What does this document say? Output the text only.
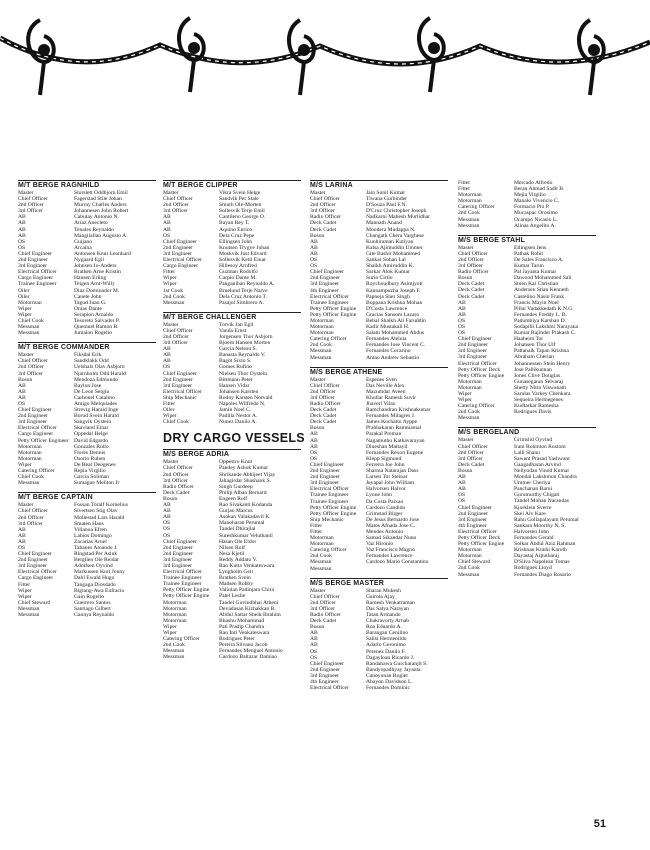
M/T BERGE RAGNHILD
Master	Storslett Oddbjorn Emil
Chief Officer	Fagerstad Stile Johan
2nd Officer	Murray Charles Anders
3rd Officer	Johannesen John Robert
AB	Cabulay Antonio N.
AB	Ariaz Anecleto
AB	Tenales Reynaldo
AB	Mangilallan Augusto A.
OS	Guijano
OS	Arcaina
Chief Engineer	Antonsen Knut Leonhard
2nd Engineer	Nygaard Egil
3rd Engineer	Johnsen Jo-Anders
Electrical Officer	Brathen Arne Kristin
Cargo Engineer	Hansen Erling
Trainee Engineer	Teigen Arnt-Willy
Oiler	Diaz Dominador M.
Oiler	Canete John
Motorman	Tagud Juan G.
Wiper	Onias Dante
Wiper	Serapion Arnaldo
Chief Cook	Tesoreto Salvador P.
Messman	Quemuel Ramon B.
Messman	Jumalon Rogelio
M/T BERGE COMMANDER
Master	Fiksdal Erik
Chief Officer	Sandklakk Odd
2nd Officer	Uelshals Olav Asbjorn
3rd Officer	Njarnholm Odd Harald
Bosun	Mendoza Edmundo
AB	Baylon Jose
AB	De Leon Sergio
AB	Carbonel Catalino
OS	Amigo Melquiades
Chief Engineer	Strevig Harald Inge
2nd Engineer	Borud Svein Harald
3rd Engineer	Sangvik Oystein
Electrical Officer	Skavland Einar
Cargo Engineer	Oppedal Helge
Petty Officer Engineer David Edgardo
Motorman	Gonzales Rollo
Motorman	Flores Dennis
Motorman	Osorio Ruben
Wiper	De Real Deogenes
Catering Officer	Repia Virgilio
Chief Cook	Garcia Soliman
Messman	Sumague Meliton Jr
M/T BERGE CAPTAIN
Master	Fossan Toralf Kornelius
Chief Officer	Sivertsen Stig Olav
2nd Officer	Mollestad Lars Harald
3rd Officer	Smaten Hans
AB	Villanoa Efren
AB	Labios Domingo
AB	Zacarias Arnel
OS	Tabanes Amando J.
Chief Engineer	Ringstad Per Asluk
2nd Engineer	Berglien Ole Reidar
3rd Engineer	Adolfsen Oyvind
Electrical Officer	Markussen Kurt Jonny
Cargo Engineer	Dahl Ewald Hugo
Fitter	Tangaga Diosdado
Wiper	Biglang-Awa Eufracio
Wiper	Gain Rogelio
Chief Steward	Guerrero Santos
Messman	Santiago Gilbert
Messman	Gaonya Reynaldo
M/T BERGE CLIPPER
Master	Vikra Svein Helge
Chief Officer	Sandvik Per Stale
2nd Officer	Smuth Ole-Morten
3rd Officer	Sollesvik Terje Emil
AB	Cantileno George O.
AB	Bayan Rey T.
AB	Aquino Enrico
OS	Dela Cruz Pepe
Chief Engineer	Ellingsen John
2nd Engineer	Knutsen Trygve Johan
3rd Engineer	Moskvik Just Edvard
Electrical Officer	Sollesvik Ketil Einar
Cargo Engineer	Hillesoy Arnfred
Fitter	Guzman Rodolfo
Wiper	Carpio Dante M.
Wiper	Panganiban Reynaldo A.
1st Cook	Bruelund Terje Narve
2nd Cook	Dela Cruz Antonio T.
Messman	Pasajol Simbrero A.
M/T BERGE CHALLENGER
Master	Torvik Jan Egil
Chief Officer	Vanda Ernst
2nd Officer	Jorgensen Thor Asbjorn
3rd Officer	Bjoern Hansen Morten
AB	Garcia Nelson S.
AB	Banasta Reynaldo V.
AB	Bagot Sixto S.
OS	Gomes Rufino
Chief Engineer	Nielsen Thor Oystein
2nd Engineer	Bittmann Peter
3rd Engineer	Hansen Vidar
Electrical Officer	Johansen Karsten
Ship Mechanic	Rodny Karsten Norvald
Fitter	Napoles Wilfredo N.
Oiler	Jamin Noel C.
Wiper	Padilla Nestor A.
Chief Cook	Nunez Danilo A.
DRY CARGO VESSELS
M/S BERGE ADRIA
Master	Oppestro Knut
Chief Officer	Pandey Ashok Kumar
2nd Officer	Shrikande Abhijeet Vijay
3rd Officer	Jahagirdar Shashank S.
Radio Officer	Singh Gurdeep
Deck Cadet	Philip Alban Bernard
Bosun	Engeen Rolf
AB	Rao Sivakanti Kodanda
AB	Gurjao Marcus
AB	Asokan Valakadavil K.
OS	Manoharan Perumal
OS	Tandel Dhirajlal
OS	Sureshkumar Veluthanil
Chief Engineer	Hasan Ole Eldor
2nd Engineer	Nilsen Rolf
2nd Engineer	Nesa Kjetil
3rd Engineer	Reddy Addatu V.
3rd Engineer	Rao Kutta Venkateswara
Electrical Officer	Lyngholm Geir
Trainee Engineer	Brathen Svein
Trainee Engineer	Madsen Robby
Petty Officer Engine	Valiulan Padinjara Chira
Petty Officer Engine	Patel Leslie
Motorman	Tandel Govindbhai Atheni
Motorman	Devadasan Kizhakkan B.
Motorman	Abdul Sattar Sheik Ibrahim
Motorman	Bhashu Mohammad
Wiper	Pati Pradip Chandra
Wiper	Rao Inti Venkateswara
Catering Officer	Rodrigues Peter
2nd Cook	Pereira Silvano Jacob
Messman	Fernandes Menguel Antonio
Messman	Cardozo Baltazar Damiao
M/S LARINA
Master	Jain Sunil Kumar
Chief Officer	Tiwana Gurbinder
2nd Officer	D'Souza Paul F.N.
3rd Officer	D'Cruz Christopher Joseph
Radio Officer	Nadkarni Mahesh Murlidhar
Deck Cadet	Mannath Anand
Deck Cadet	Moodera Mudappa N.
Bosun	Changath Chera Varghese
AB	Kunhiraman Kutiyan
AB	Kalsa Ajimuddin Ummer
AB	Gite Bashir Mohammed
OS	Sankar Sohan Lal
OS	Shaikh Amiruddin K.
Chief Engineer	Sarkar Alok Kumar
2nd Engineer	Surin Cirilo
3rd Engineer	Roychoudhury Asimjyoti
4th Engineer	Kannampuzha Joseph F.
Electrical Officer	Papneja Sher Singh
Trainee Engineer	Boppana Krishna Mohan
Petty Officer Engine	D'Costa Lawrence
Petty Officer Engine	Gracias Sansom Lazaro
Motorman	Bebal Shaikh Ali Faruddin
Motorman	Kadir Mustakali H.
Motorman	Salam Mohammed Abdus
Catering Officer	Fernandes Aleluia
2nd Cook	Fernandes Jose Vincent C.
Messman	Fernandes Cecarino
Messman	Antao Andrew Sebastio
M/S BERGE ATHENE
Master	Espenes Sven
Chief Officer	Das Neville Alex
2nd Officer	Mazumdar Aveen
3rd Officer	Khullar Ramesh Suvir
Radio Officer	Jhaveri Vilas
Deck Cadet	Ramchandran Krishnakumar
Deck Cadet	Fernandes Milagres J.
Deck Cadet	James Kochattu Ayppe
Bosun	Prabhakaran Rammamal
AB	Parakal Preman
AB	Nagamuthu Kathavarayan
AB	Dineshan Mattayil
OS	Fernandes Rexon Eugene
OS	Klepp Sigmund
Chief Engineer	Ferreira Joe John
2nd Engineer	Sharma Natarajan Dass
2nd Engineer	Larsen Tor Steinar
3rd Engineer	Jeyapal John William
Electrical Officer	Halvorsen Halvor
Trainee Engineer	Lynne John
Trainee Engineer	Da Costa Paixao
Petty Officer Engine	Cardozo Candido
Petty Officer Engine	Grimstad Birger
Ship Mechanic	De Jesus Bernardo Jose
Fitter	Matos Afnada Jose C.
Fitter	Mendes Antonio
Motorman	Samad Sikandar Nuno
Motorman	Vaz Hironio
Catering Officer	Vaz Francisco Magno
2nd Cook	Fernandes Lawrence
Messman	Cardozo Mario Constantino
Messman
M/S BERGE MASTER
Master	Sharan Mukesh
Chief Officer	Gairola Ajay
2nd Officer	Ramesh Venkatraman
3rd Officer	Das Satya Narayan
Radio Officer	Tatan Armando
Deck Cadet	Chakravorty Arnab
Bosun	Roa Eduardo A.
AB	Barangan Cenilino
AB	Salisi Hermenildo
AB	Adarlo Geronimo
OS	Perenez Danilo F.
OS	Dagayloan Ricardo J.
Chief Engineer	Randahawa Gurcharanjit S.
2nd Engineer	Bandyopadhyay Jayanta
3rd Engineer	Canoyonan Rogier
4th Engineer	Abayon Davidson L.
Electrical Officer	Fernandes Dominic
Fitter	Mercado Alfredo
Fitter	Beran Ahmad Sadit B.
Motorman	Mejia Virgilio
Motorman	Manalo Vivencio C.
Catering Officer	Formacio Pio P.
2nd Cook	Mucaspac Orosimo
Messman	Ocampo Nicasio L.
Messman	Alinas Angelito A.
M/S BERGE STAHL
Master	Ellingsen Jens
Chief Officer	Pathak Rohit
2nd Officer	De Sales Francisco A.
3rd Officer	Kumar Tarun
Radio Officer	Pal Jayanta Kumar
Bosun	Dawood Mohammed Sali
Deck Cadet	Stuen Kai Christian
Deck Cadet	Andersen Stian Kenneth
Deck Cadet	Castelino Nasin Frank
AB	Francis Mayin Noel
AB	Pillai Vadakkedath K.N.G.
AB	Fernandes Freddy L. B.
OS	Padumbiya Karshan D.
OS	Sodapilli Lakshmi Narayana
OS	Kumar Rajinder Prakash C.
Chief Engineer	Haaheim Tor
2nd Engineer	Johansen Thor Ulf
3rd Engineer	Pattanaik Tapan Krishna
3rd Engineer	Abraham Cherian
Electrical Officer	Johannessen Stein Henry
Petty Officer Deck	Jose Pallikunnan
Petty Officer Engine	Jones Clive Douglas
Motorman	Gunasegaran Selvaraj
Motorman	Shetty Nitin Viswanath
Wiper	Sarulas Varkey Chenkara
Wiper	Sequeira Hermegenes
Catering Officer	Kudtarkar Ramesha
2nd Cook	Rodrigues Davis
Messman
M/S BERGELAND
Master	Grimslid Oyvind
Chief Officer	Irani Rohinton Rustom
2nd Officer	Lalli Shanu
3rd Officer	Sawant Prasad Yashwant
Deck Cadet	Gangadharan Arvind
Bosun	Nellyodan Vinod Kumar
AB	Mondal Lakshmon Chandra
AB	Ummer Cheriya
AB	Panchanan Barui
OS	Gurumurthy Chigati
OS	Tandel Mohan Narandas
Chief Engineer	Kjorklein Sverre
2nd Engineer	Skei Alv Kare
3rd Engineer	Rahu Gollapalayam Perumal
4th Engineer	Sankara Moorthy N. S.
Electrical Officer	Halvorsen John
Petty Officer Deck	Fernandes Gerald
Petty Officer Engine	Solkar Abdul Aziz Rahman
Motorman	Krishnan Kunhi Karoth
Motorman	Dayastaj Arputharaj
Chief Steward	D'Silva Napolean Tomas
2nd Cook	Rodrigues Lloyd
Messman	Fernandes Diago Rosario
51
